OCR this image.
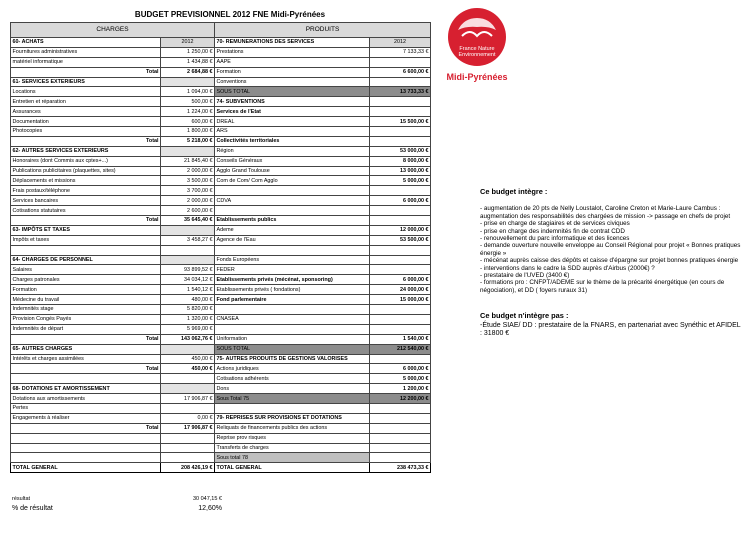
BUDGET PREVISIONNEL 2012 FNE Midi-Pyrénées
CHARGES		PRODUITS	
60- ACHATS	2012	70- REMUNERATIONS DES SERVICES	2012
Fournitures administratives	1 250,00 €	Prestations	7 133,33 €
matériel informatique	1 434,88 €	AAPE	
Total	2 684,88 €	Formation	6 600,00 €
61- SERVICES EXTERIEURS		Conventions	
Locations	1 094,00 €	SOUS TOTAL	13 733,33 €
Entretien et réparation	500,00 €	74- SUBVENTIONS	
Assurances	1 224,00 €	Services de l'Etat	
Documentation	600,00 €	DREAL	15 500,00 €
Photocopies	1 800,00 €	ARS	
Total	5 218,00 €	Collectivités territoriales	
62- AUTRES SERVICES EXTERIEURS		Région	53 000,00 €
Honoraires (dont Commis aux cptes+...)	21 845,40 €	Conseils Généraux	8 000,00 €
Publications publicitaires (plaquettes, sites)	2 000,00 €	Agglo Grand Toulouse	13 000,00 €
Déplacements et missions	3 500,00 €	Com de Com/ Com Agglo	5 000,00 €
Frais postaux/téléphone	3 700,00 €		
Services bancaires	2 000,00 €	CDVA	6 000,00 €
Cotisations statutaires	2 600,00 €		
Total	35 645,40 €	Etablissements publics	
63- IMPÔTS ET TAXES		Ademe	12 000,00 €
Impôts et taxes	3 458,27 €	Agence de l'Eau	53 500,00 €

64- CHARGES DE PERSONNEL		Fonds Européens	
Salaires	93 899,52 €	FEDER	
Charges patronales	34 034,12 €	Etablissements privés (mécénat, sponsoring)	6 000,00 €
Formation	1 540,12 €	Etablissements privés ( fondations)	24 000,00 €
Médecine du travail	480,00 €	Fond parlementaire	15 000,00 €
Indemnités stage	5 820,00 €		
Provision Congés Payés	1 320,00 €	CNASEA	
Indemnités de départ	5 969,00 €		
Total	143 062,76 €	Uniformation	1 540,00 €
65- AUTRES CHARGES		SOUS TOTAL	212 540,00 €
Intérêts et charges assimilées	450,00 €	75- AUTRES PRODUITS DE GESTIONS VALORISES	
Total	450,00 €	Actions juridiques	6 000,00 €
		Cotisations adhérents	5 000,00 €
68- DOTATIONS ET AMORTISSEMENT		Dons	1 200,00 €
Dotations aux amortissements	17 906,87 €	Sous Total 75	12 200,00 €
Pertes			
Engagements à réaliser	0,00 €	79- REPRISES SUR PROVISIONS ET DOTATIONS	
Total	17 906,87 €	Reliquats de financements publics des actions	
		Reprise prov risques	
		Transferts de charges	
		Sous total 78	
TOTAL GENERAL	208 426,19 €	TOTAL GENERAL	238 473,33 €
résultat	30 047,15 €
% de résultat	12,60%
France Nature
Environnement
Midi-Pyrénées
Ce budget intègre :
- augmentation de 20 pts de Nelly Loustalot, Caroline Creton et Marie-Laure Cambus : augmentation des responsabilités des chargées de mission -> passage en chefs de projet
- prise en charge de stagiaires et de services civiques
- prise en charge des indemnités fin de contrat CDD
- renouvellement du parc informatique et des licences
- demande ouverture nouvelle enveloppe au Conseil Régional pour projet « Bonnes pratiques énergie »
- mécénat auprès caisse des dépôts et caisse d'épargne sur projet bonnes pratiques énergie
- interventions dans le cadre la SDD auprès d'Airbus (2000€) ?
- prestataire de l'UVED (3400 €)
- formations pro : CNFPT/ADEME sur le thème de la précarité énergétique (en cours de négociation), et DD ( foyers ruraux 31)
Ce budget n'intègre pas :
-Étude SIAE/ DD : prestataire de la FNARS, en partenariat avec Synéthic et AFIDEL : 31800 €
